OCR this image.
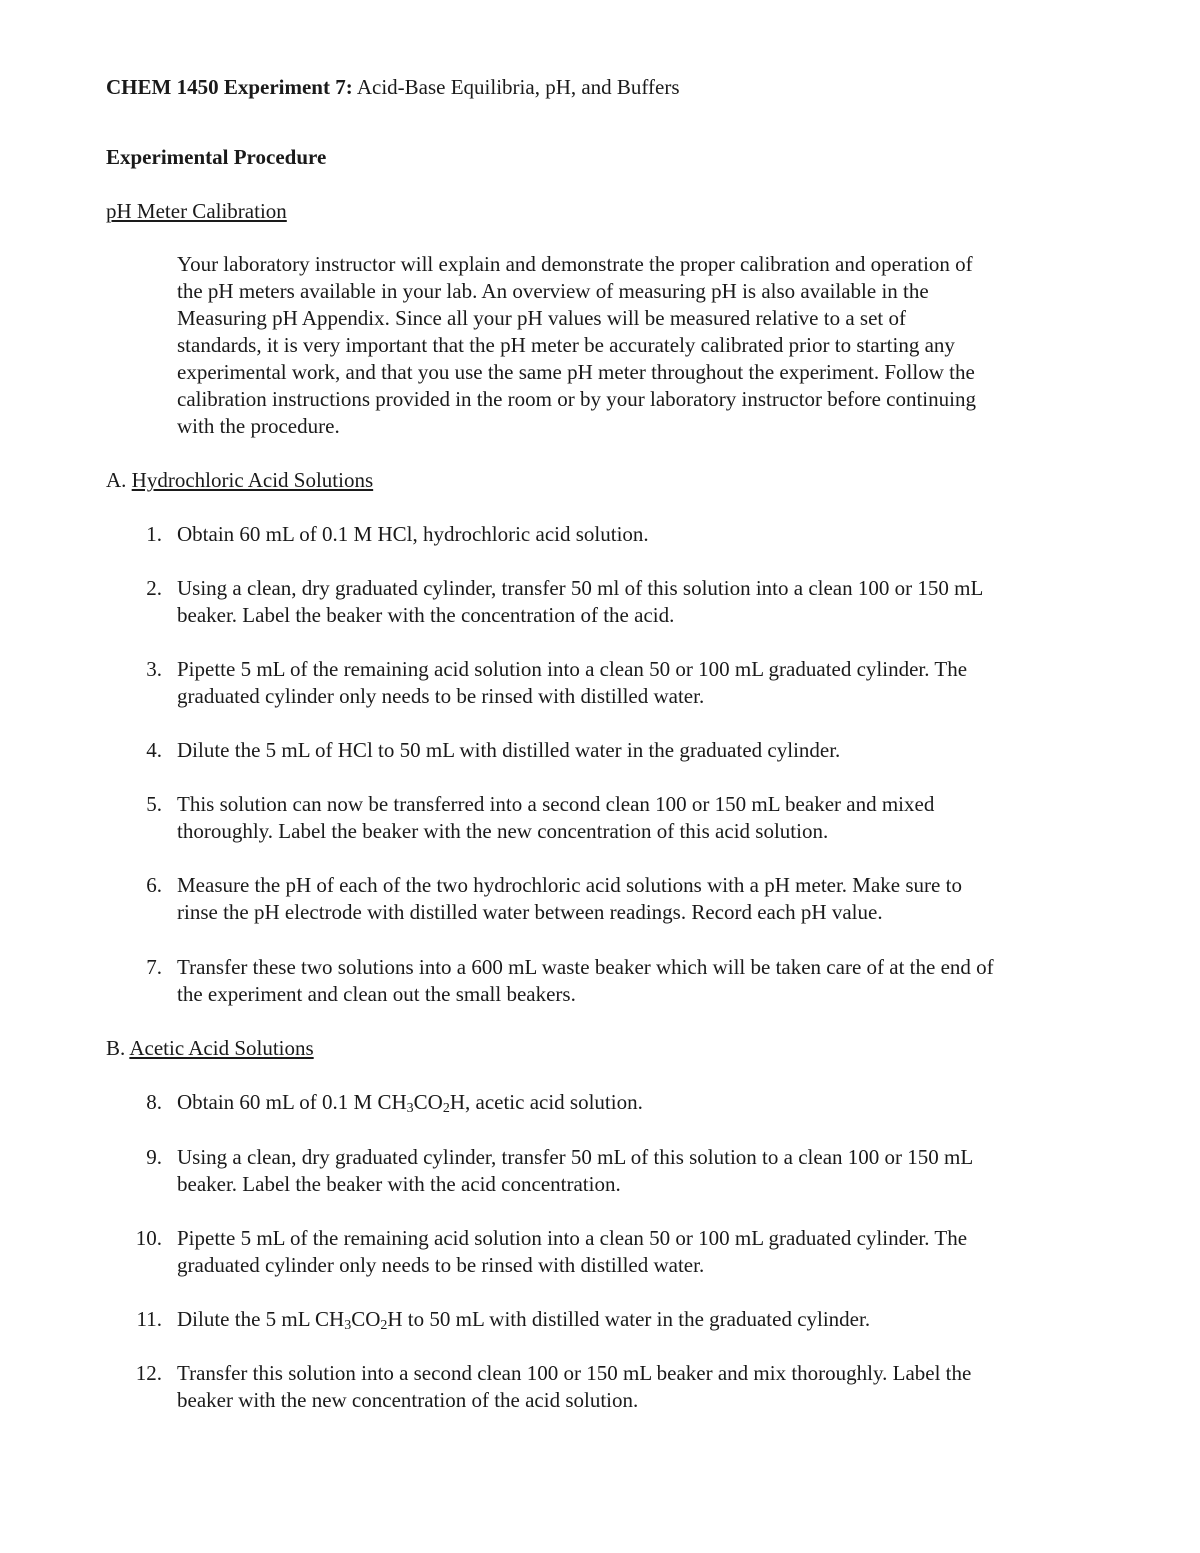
CHEM 1450 Experiment 7: Acid-Base Equilibria, pH, and Buffers
Experimental Procedure
pH Meter Calibration
Your laboratory instructor will explain and demonstrate the proper calibration and operation of
the pH meters available in your lab. An overview of measuring pH is also available in the
Measuring pH Appendix. Since all your pH values will be measured relative to a set of
standards, it is very important that the pH meter be accurately calibrated prior to starting any
experimental work, and that you use the same pH meter throughout the experiment. Follow the
calibration instructions provided in the room or by your laboratory instructor before continuing
with the procedure.
A. Hydrochloric Acid Solutions
1. Obtain 60 mL of 0.1 M HCl, hydrochloric acid solution.
2. Using a clean, dry graduated cylinder, transfer 50 ml of this solution into a clean 100 or 150 mL
beaker. Label the beaker with the concentration of the acid.
3. Pipette 5 mL of the remaining acid solution into a clean 50 or 100 mL graduated cylinder. The
graduated cylinder only needs to be rinsed with distilled water.
4. Dilute the 5 mL of HCl to 50 mL with distilled water in the graduated cylinder.
5. This solution can now be transferred into a second clean 100 or 150 mL beaker and mixed
thoroughly. Label the beaker with the new concentration of this acid solution.
6. Measure the pH of each of the two hydrochloric acid solutions with a pH meter. Make sure to
rinse the pH electrode with distilled water between readings. Record each pH value.
7. Transfer these two solutions into a 600 mL waste beaker which will be taken care of at the end of
the experiment and clean out the small beakers.
B. Acetic Acid Solutions
8. Obtain 60 mL of 0.1 M $CH_3CO_2H$, acetic acid solution.
9. Using a clean, dry graduated cylinder, transfer 50 mL of this solution to a clean 100 or 150 mL
beaker. Label the beaker with the acid concentration.
10. Pipette 5 mL of the remaining acid solution into a clean 50 or 100 mL graduated cylinder. The
graduated cylinder only needs to be rinsed with distilled water.
11. Dilute the 5 mL $CH_3CO_2H$ to 50 mL with distilled water in the graduated cylinder.
12. Transfer this solution into a second clean 100 or 150 mL beaker and mix thoroughly. Label the
beaker with the new concentration of the acid solution.
